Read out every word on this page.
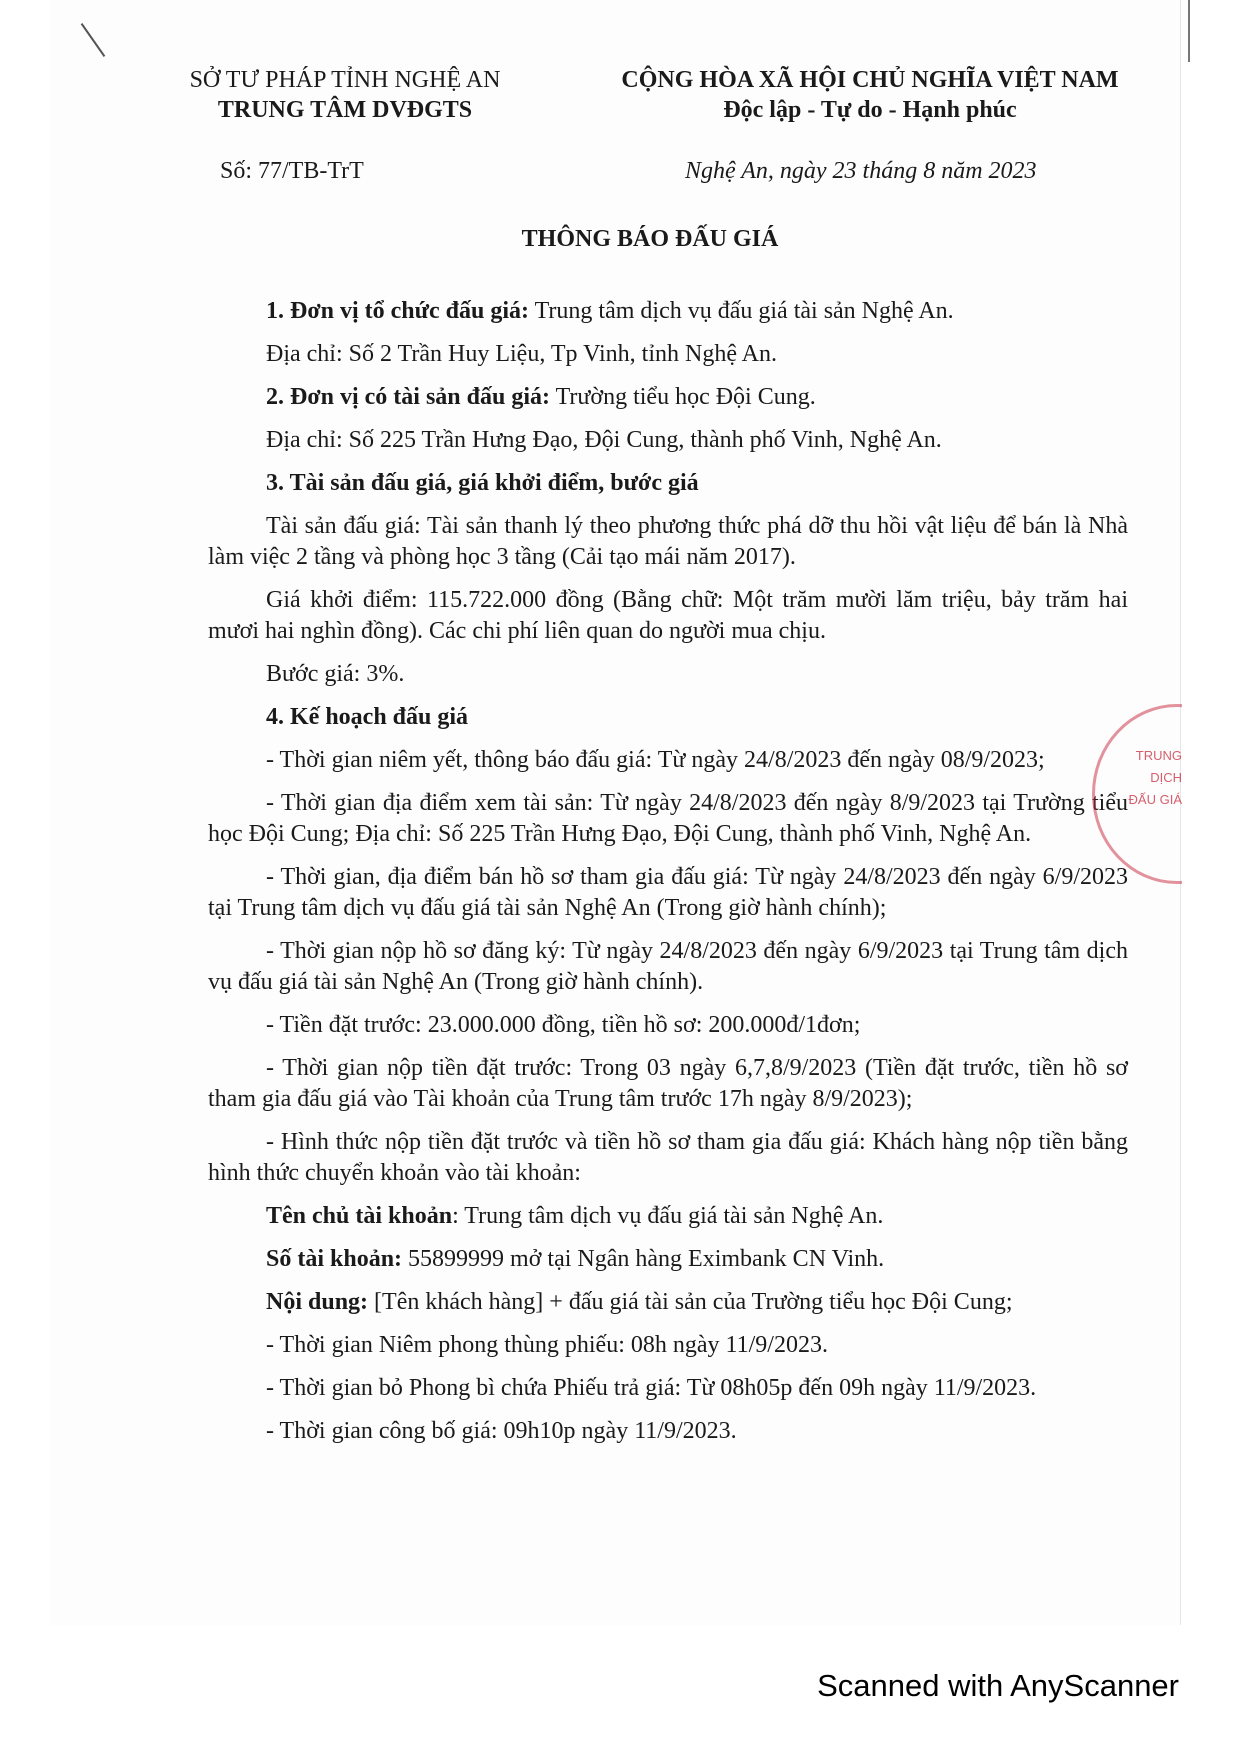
SỞ TƯ PHÁP TỈNH NGHỆ AN
TRUNG TÂM DVĐGTS
CỘNG HÒA XÃ HỘI CHỦ NGHĨA VIỆT NAM
Độc lập - Tự do - Hạnh phúc
Số: 77/TB-TrT	Nghệ An, ngày 23 tháng 8 năm 2023
THÔNG BÁO ĐẤU GIÁ

1. Đơn vị tổ chức đấu giá: Trung tâm dịch vụ đấu giá tài sản Nghệ An.

Địa chỉ: Số 2 Trần Huy Liệu, Tp Vinh, tỉnh Nghệ An.

2. Đơn vị có tài sản đấu giá: Trường tiểu học Đội Cung.

Địa chỉ: Số 225 Trần Hưng Đạo, Đội Cung, thành phố Vinh, Nghệ An.

3. Tài sản đấu giá, giá khởi điểm, bước giá

Tài sản đấu giá: Tài sản thanh lý theo phương thức phá dỡ thu hồi vật liệu để bán là Nhà làm việc 2 tầng và phòng học 3 tầng (Cải tạo mái năm 2017).

Giá khởi điểm: 115.722.000 đồng (Bằng chữ: Một trăm mười lăm triệu, bảy trăm hai mươi hai nghìn đồng). Các chi phí liên quan do người mua chịu.

Bước giá: 3%.

4. Kế hoạch đấu giá

- Thời gian niêm yết, thông báo đấu giá: Từ ngày 24/8/2023 đến ngày 08/9/2023;

- Thời gian địa điểm xem tài sản: Từ ngày 24/8/2023 đến ngày 8/9/2023 tại Trường tiểu học Đội Cung; Địa chỉ: Số 225 Trần Hưng Đạo, Đội Cung, thành phố Vinh, Nghệ An.

- Thời gian, địa điểm bán hồ sơ tham gia đấu giá: Từ ngày 24/8/2023 đến ngày 6/9/2023 tại Trung tâm dịch vụ đấu giá tài sản Nghệ An (Trong giờ hành chính);

- Thời gian nộp hồ sơ đăng ký: Từ ngày 24/8/2023 đến ngày 6/9/2023 tại Trung tâm dịch vụ đấu giá tài sản Nghệ An (Trong giờ hành chính).

- Tiền đặt trước: 23.000.000 đồng, tiền hồ sơ: 200.000đ/1đơn;

- Thời gian nộp tiền đặt trước: Trong 03 ngày 6,7,8/9/2023 (Tiền đặt trước, tiền hồ sơ tham gia đấu giá vào Tài khoản của Trung tâm trước 17h ngày 8/9/2023);

- Hình thức nộp tiền đặt trước và tiền hồ sơ tham gia đấu giá: Khách hàng nộp tiền bằng hình thức chuyển khoản vào tài khoản:

Tên chủ tài khoản: Trung tâm dịch vụ đấu giá tài sản Nghệ An.

Số tài khoản: 55899999 mở tại Ngân hàng Eximbank CN Vinh.

Nội dung: [Tên khách hàng] + đấu giá tài sản của Trường tiểu học Đội Cung;

- Thời gian Niêm phong thùng phiếu: 08h ngày 11/9/2023.

- Thời gian bỏ Phong bì chứa Phiếu trả giá: Từ 08h05p đến 09h ngày 11/9/2023.

- Thời gian công bố giá: 09h10p ngày 11/9/2023.

TRUNG
DỊCH
ĐẤU GIÁ
Scanned with AnyScanner
